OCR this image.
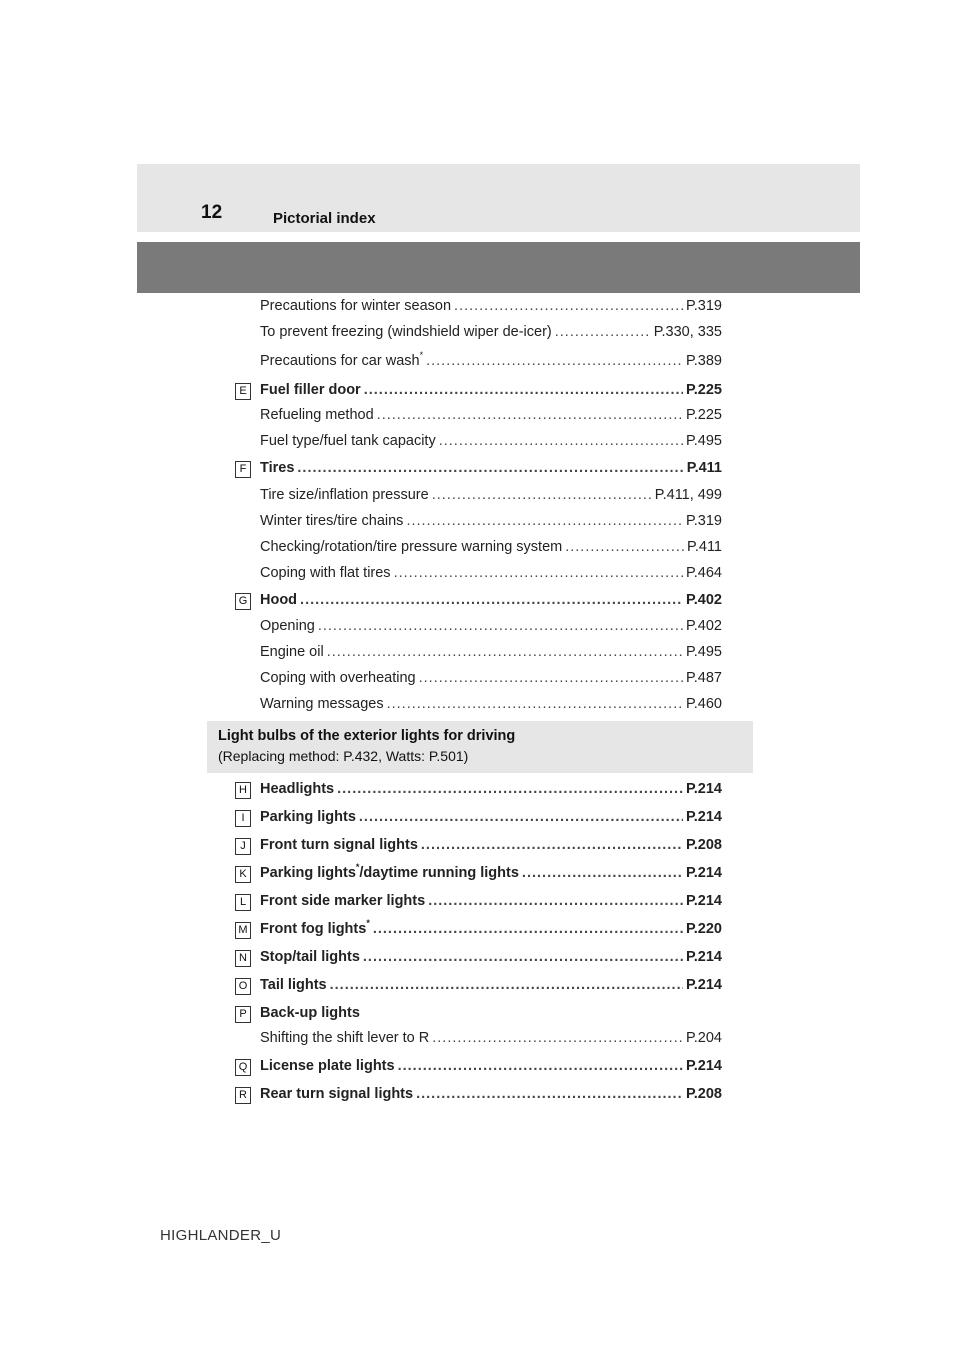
12	Pictorial index
Precautions for winter season .....	P.319
To prevent freezing (windshield wiper de-icer) .....	P.330, 335
Precautions for car wash* .....	P.389
E Fuel filler door .....	P.225
Refueling method .....	P.225
Fuel type/fuel tank capacity .....	P.495
F Tires .....	P.411
Tire size/inflation pressure .....	P.411, 499
Winter tires/tire chains .....	P.319
Checking/rotation/tire pressure warning system .....	P.411
Coping with flat tires .....	P.464
G Hood .....	P.402
Opening .....	P.402
Engine oil .....	P.495
Coping with overheating .....	P.487
Warning messages .....	P.460
Light bulbs of the exterior lights for driving
(Replacing method: P.432, Watts: P.501)
H Headlights .....	P.214
I	Parking lights .....	P.214
J Front turn signal lights .....	P.208
K Parking lights*/daytime running lights .....	P.214
L Front side marker lights .....	P.214
M Front fog lights* .....	P.220
N Stop/tail lights .....	P.214
O Tail lights .....	P.214
P Back-up lights
Shifting the shift lever to R .....	P.204
Q License plate lights .....	P.214
R Rear turn signal lights .....	P.208
HIGHLANDER_U
